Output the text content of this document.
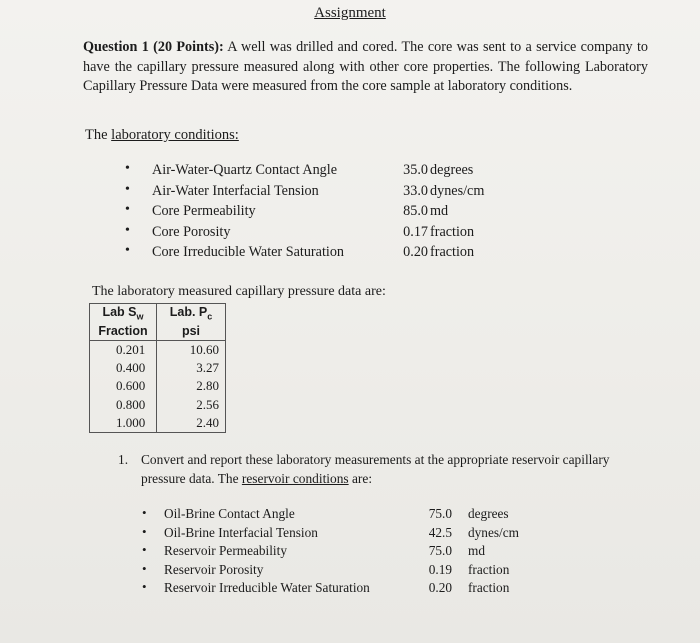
Assignment
Question 1 (20 Points): A well was drilled and cored. The core was sent to a service company to have the capillary pressure measured along with other core properties. The following Laboratory Capillary Pressure Data were measured from the core sample at laboratory conditions.
The laboratory conditions:
• Air-Water-Quartz Contact Angle	35.0 degrees
• Air-Water Interfacial Tension	33.0 dynes/cm
• Core Permeability	85.0 md
• Core Porosity	0.17 fraction
• Core Irreducible Water Saturation	0.20 fraction
The laboratory measured capillary pressure data are:
Lab $S_w$	Lab. $P_c$
Fraction	psi
0.201	10.60
0.400	3.27
0.600	2.80
0.800	2.56
1.000	2.40
1. Convert and report these laboratory measurements at the appropriate reservoir capillary pressure data. The reservoir conditions are:
• Oil-Brine Contact Angle	75.0 degrees
• Oil-Brine Interfacial Tension	42.5 dynes/cm
• Reservoir Permeability	75.0 md
• Reservoir Porosity	0.19 fraction
• Reservoir Irreducible Water Saturation	0.20 fraction
